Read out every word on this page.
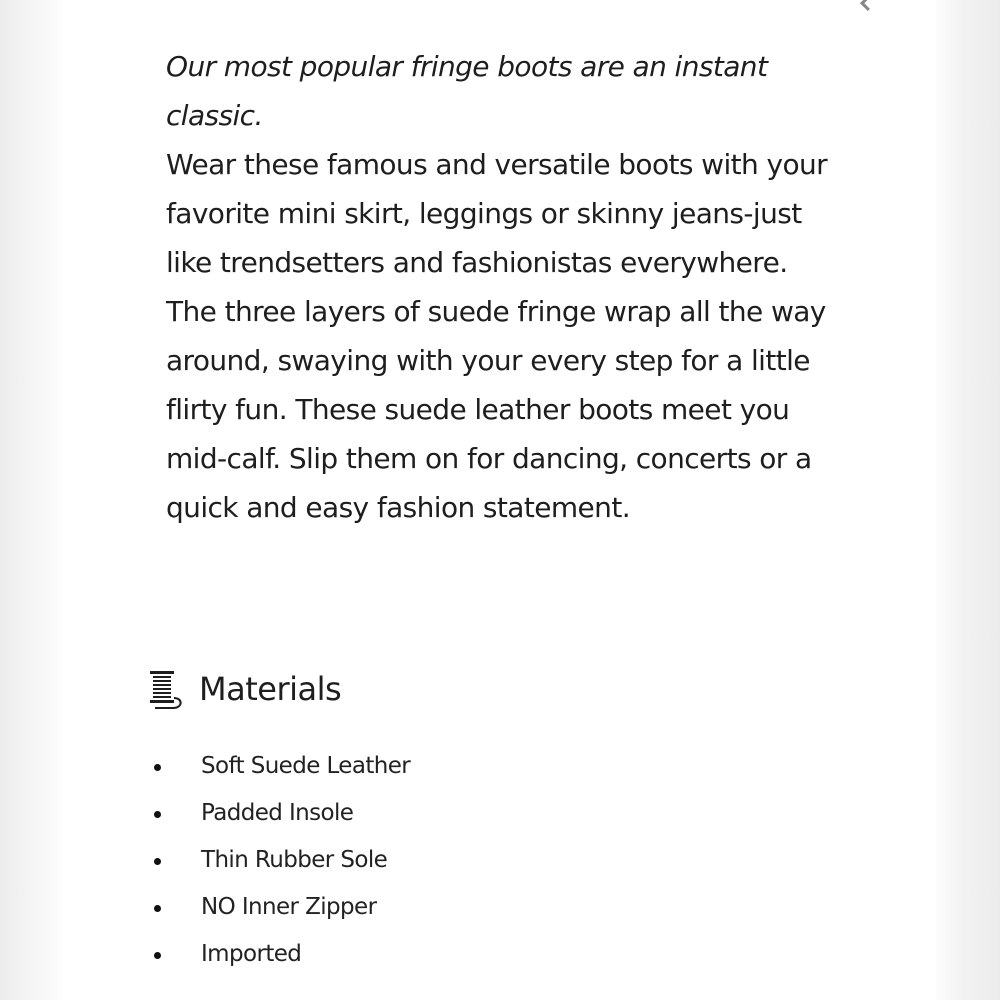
Our most popular fringe boots are an instant classic.

Wear these famous and versatile boots with your favorite mini skirt, leggings or skinny jeans-just like trendsetters and fashionistas everywhere. The three layers of suede fringe wrap all the way around, swaying with your every step for a little flirty fun. These suede leather boots meet you mid-calf. Slip them on for dancing, concerts or a quick and easy fashion statement.

Materials
Soft Suede Leather
Padded Insole
Thin Rubber Sole
NO Inner Zipper
Imported
